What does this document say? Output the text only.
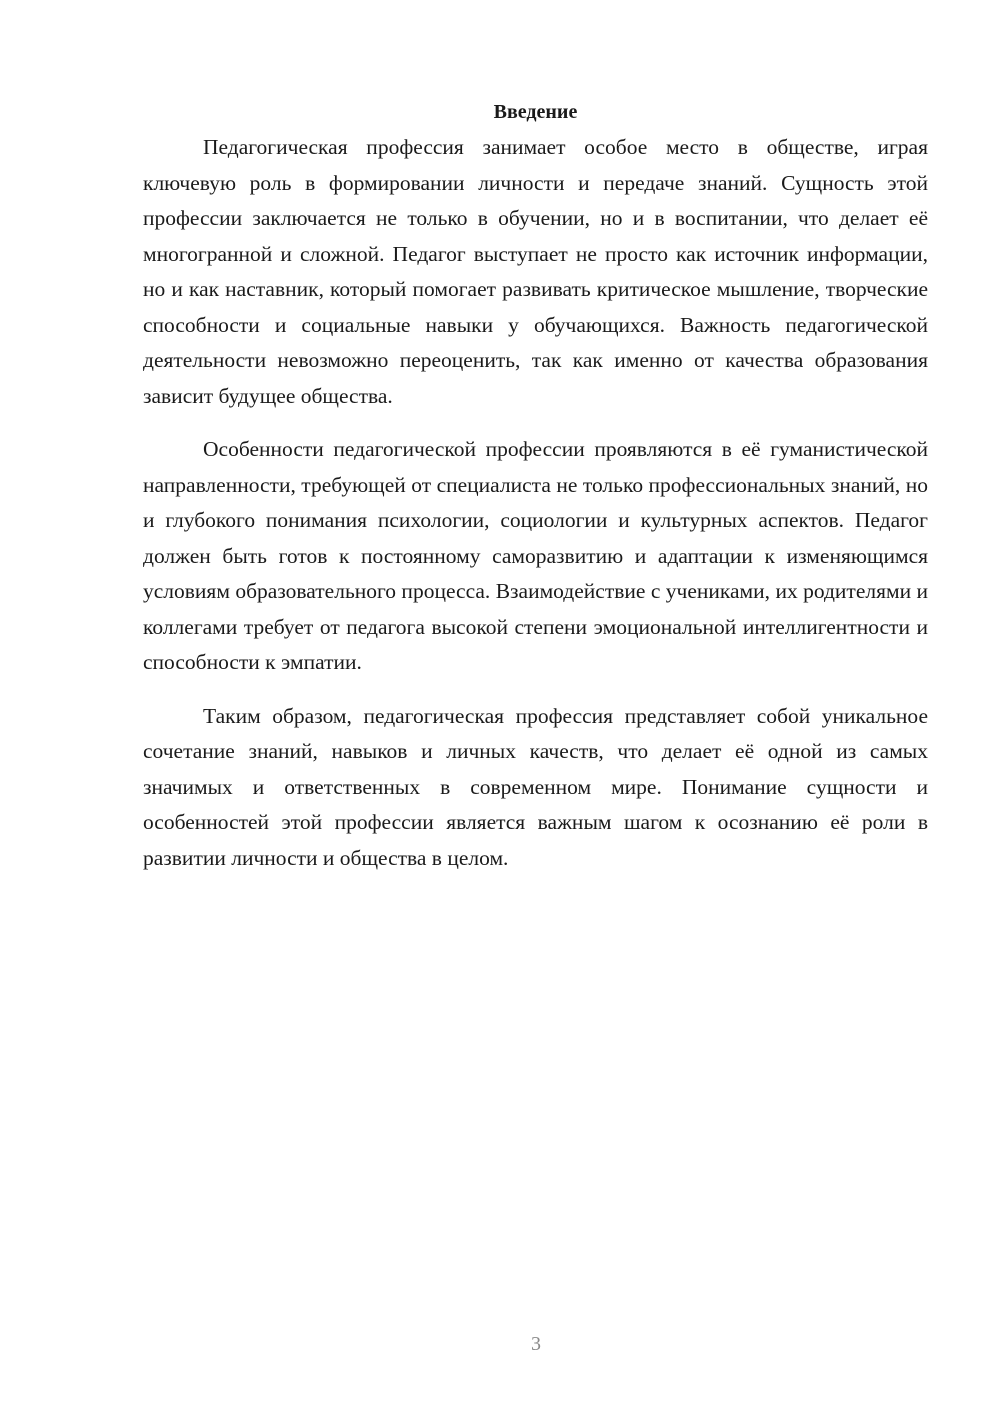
Введение

Педагогическая профессия занимает особое место в обществе, играя ключевую роль в формировании личности и передаче знаний. Сущность этой профессии заключается не только в обучении, но и в воспитании, что делает её многогранной и сложной. Педагог выступает не просто как источник информации, но и как наставник, который помогает развивать критическое мышление, творческие способности и социальные навыки у обучающихся. Важность педагогической деятельности невозможно переоценить, так как именно от качества образования зависит будущее общества.

Особенности педагогической профессии проявляются в её гуманистической направленности, требующей от специалиста не только профессиональных знаний, но и глубокого понимания психологии, социологии и культурных аспектов. Педагог должен быть готов к постоянному саморазвитию и адаптации к изменяющимся условиям образовательного процесса. Взаимодействие с учениками, их родителями и коллегами требует от педагога высокой степени эмоциональной интеллигентности и способности к эмпатии.

Таким образом, педагогическая профессия представляет собой уникальное сочетание знаний, навыков и личных качеств, что делает её одной из самых значимых и ответственных в современном мире. Понимание сущности и особенностей этой профессии является важным шагом к осознанию её роли в развитии личности и общества в целом.

3
